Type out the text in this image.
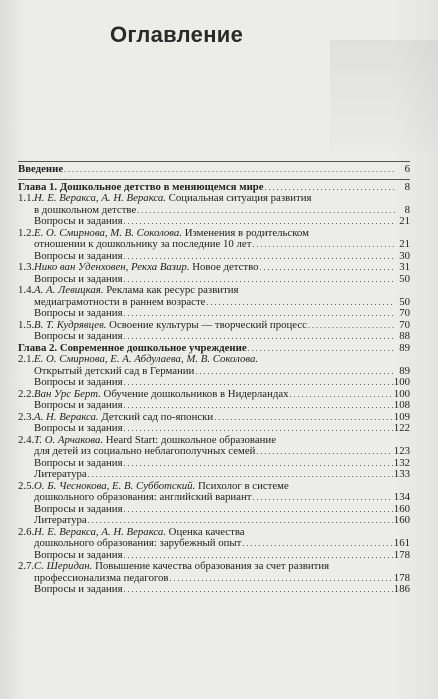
Оглавление
Введение . . .	6
Глава 1. Дошкольное детство в меняющемся мире . . .	8
1.1. Н. Е. Веракса, А. Н. Веракса.
Социальная ситуация развития
в дошкольном детстве . . .	8
Вопросы и задания . . .	21
1.2. Е. О. Смирнова, М. В. Соколова.
Изменения в родительском
отношении к дошкольнику за последние 10 лет . . .	21
Вопросы и задания . . .	30
1.3. Нико ван Уденховен, Рекха Вазир.
Новое детство . . .	31
Вопросы и задания . . .	50
1.4. А. А. Левицкая.
Реклама как ресурс развития
медиаграмотности в раннем возрасте . . .	50
Вопросы и задания . . .	70
1.5. В. Т. Кудрявцев.
Освоение культуры — творческий процесс . . .	70
Вопросы и задания . . .	88
Глава 2. Современное дошкольное учреждение . . .	89
2.1. Е. О. Смирнова, Е. А. Абдулаева, М. В. Соколова.
Открытый детский сад в Германии . . .	89
Вопросы и задания . . .	100
2.2. Ван Урс Берт.
Обучение дошкольников в Нидерландах . . .	100
Вопросы и задания . . .	108
2.3. А. Н. Веракса.
Детский сад по-японски . . .	109
Вопросы и задания . . .	122
2.4. Т. О. Арчакова.
Heard Start: дошкольное образование
для детей из социально неблагополучных семей . . .	123
Вопросы и задания . . .	132
Литература . . .	133
2.5. О. Б. Чеснокова, Е. В. Субботский.
Психолог в системе
дошкольного образования: английский вариант . . .	134
Вопросы и задания . . .	160
Литература . . .	160
2.6. Н. Е. Веракса, А. Н. Веракса.
Оценка качества
дошкольного образования: зарубежный опыт . . .	161
Вопросы и задания . . .	178
2.7. С. Шеридан.
Повышение качества образования за счет развития
профессионализма педагогов . . .	178
Вопросы и задания . . .	186
